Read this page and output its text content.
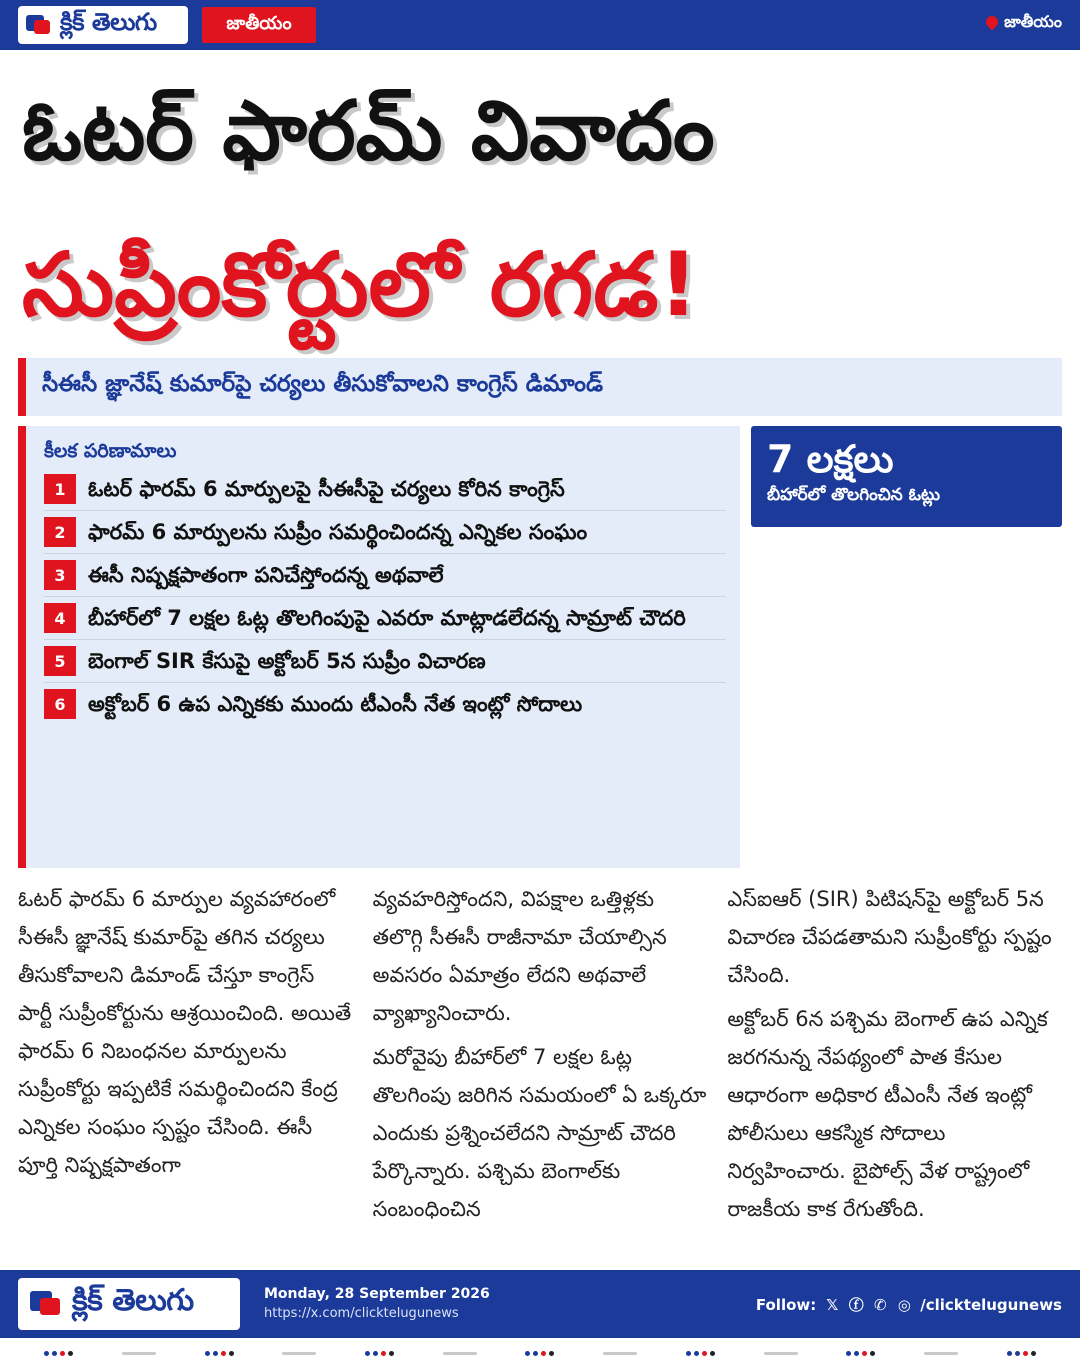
క్లిక్ తెలుగు	జాతీయం	జాతీయం
ఓటర్ ఫారమ్ వివాదం
సుప్రీంకోర్టులో రగడ!
సీఈసీ జ్ఞానేష్ కుమార్‌పై చర్యలు తీసుకోవాలని కాంగ్రెస్ డిమాండ్
కీలక పరిణామాలు
1	ఓటర్ ఫారమ్ 6 మార్పులపై సీఈసీపై చర్యలు కోరిన కాంగ్రెస్
2	ఫారమ్ 6 మార్పులను సుప్రీం సమర్థించిందన్న ఎన్నికల సంఘం
3	ఈసీ నిష్పక్షపాతంగా పనిచేస్తోందన్న అథవాలే
4	బీహార్‌లో 7 లక్షల ఓట్ల తొలగింపుపై ఎవరూ మాట్లాడలేదన్న సామ్రాట్ చౌదరి
5	బెంగాల్ SIR కేసుపై అక్టోబర్ 5న సుప్రీం విచారణ
6	అక్టోబర్ 6 ఉప ఎన్నికకు ముందు టీఎంసీ నేత ఇంట్లో సోదాలు
7 లక్షలు
బీహార్‌లో తొలగించిన ఓట్లు

ఓటర్ ఫారమ్ 6 మార్పుల వ్యవహారంలో సీఈసీ జ్ఞానేష్ కుమార్‌పై తగిన చర్యలు తీసుకోవాలని డిమాండ్ చేస్తూ కాంగ్రెస్ పార్టీ సుప్రీంకోర్టును ఆశ్రయించింది. అయితే ఫారమ్ 6 నిబంధనల మార్పులను సుప్రీంకోర్టు ఇప్పటికే సమర్థించిందని కేంద్ర ఎన్నికల సంఘం స్పష్టం చేసింది. ఈసీ పూర్తి నిష్పక్షపాతంగా

వ్యవహరిస్తోందని, విపక్షాల ఒత్తిళ్లకు తలొగ్గి సీఈసీ రాజీనామా చేయాల్సిన అవసరం ఏమాత్రం లేదని అథవాలే వ్యాఖ్యానించారు.

మరోవైపు బీహార్‌లో 7 లక్షల ఓట్ల తొలగింపు జరిగిన సమయంలో ఏ ఒక్కరూ ఎందుకు ప్రశ్నించలేదని సామ్రాట్ చౌదరి పేర్కొన్నారు. పశ్చిమ బెంగాల్‌కు సంబంధించిన

ఎస్ఐఆర్ (SIR) పిటిషన్‌పై అక్టోబర్ 5న విచారణ చేపడతామని సుప్రీంకోర్టు స్పష్టం చేసింది.

అక్టోబర్ 6న పశ్చిమ బెంగాల్ ఉప ఎన్నిక జరగనున్న నేపథ్యంలో పాత కేసుల ఆధారంగా అధికార టీఎంసీ నేత ఇంట్లో పోలీసులు ఆకస్మిక సోదాలు నిర్వహించారు. బైపోల్స్ వేళ రాష్ట్రంలో రాజకీయ కాక రేగుతోంది.

క్లిక్ తెలుగు	Monday, 28 September 2026
https://x.com/clicktelugunews	Follow: 𝕏 ⓕ ✆ ◎ /clicktelugunews
